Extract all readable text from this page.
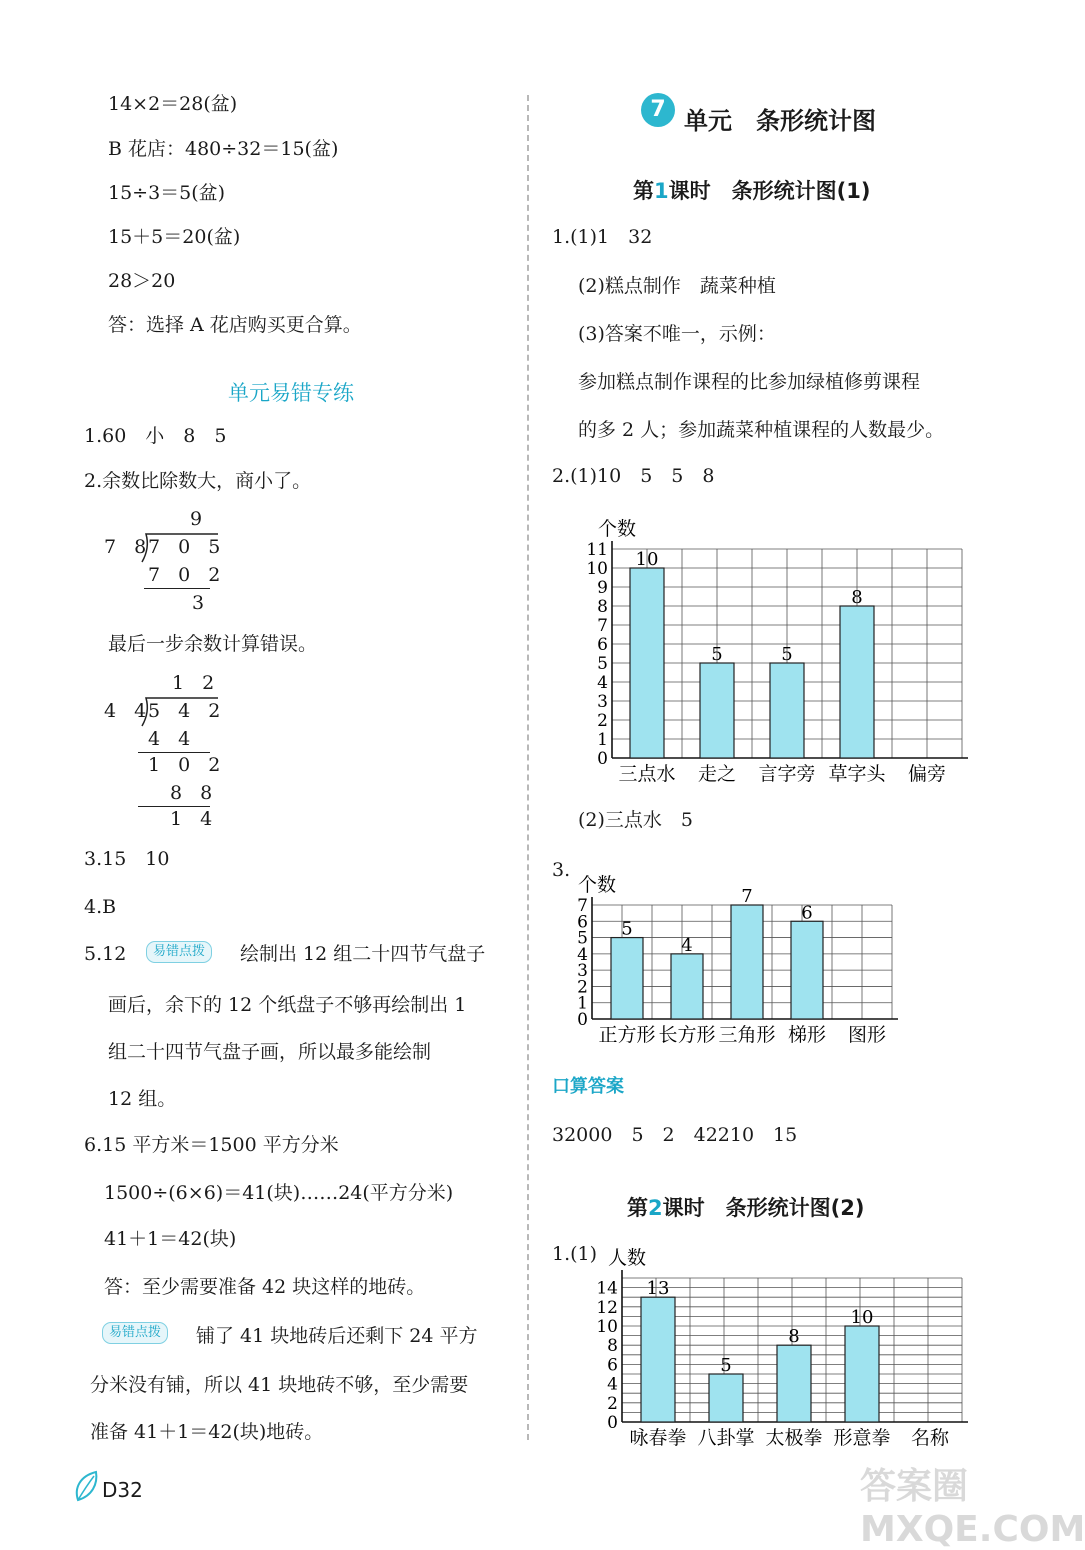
14×2＝28(盆)
B 花店：480÷32＝15(盆)
15÷3＝5(盆)
15＋5＝20(盆)
28＞20
答：选择 A 花店购买更合算。
单元易错专练
1.60　小　8　5
2.余数比除数大，商小了。
9
7 8
7 0 5
7 0 2
3
最后一步余数计算错误。
1 2
4 4
5 4 2
4 4
1 0 2
8 8
1 4
3.15　10
4.B
5.12	易错点拨	绘制出 12 组二十四节气盘子
画后，余下的 12 个纸盘子不够再绘制出 1
组二十四节气盘子画，所以最多能绘制
12 组。
6.15 平方米＝1500 平方分米
1500÷(6×6)＝41(块)……24(平方分米)
41＋1＝42(块)
答：至少需要准备 42 块这样的地砖。
易错点拨	铺了 41 块地砖后还剩下 24 平方
分米没有铺，所以 41 块地砖不够，至少需要
准备 41＋1＝42(块)地砖。
D32
7 单元　条形统计图
第1课时　条形统计图(1)
1.(1)1　32
(2)糕点制作　蔬菜种植
(3)答案不唯一，示例：
参加糕点制作课程的比参加绿植修剪课程
的多 2 人；参加蔬菜种植课程的人数最少。
2.(1)10　5　5　8
个数
0
1
2
3
4
5
6
7
8
9
10
11 10
三点水
5
走之
5
言字旁
8
草字头 偏旁
(2)三点水　5
3.
个数
0
1
2
3
4
5
6
7
5
正方形
4
长方形
7
三角形
6
梯形 图形
口算答案
32000　5　2　42210　15
第2课时　条形统计图(2)
1.(1) 人数
0
2
4
6
8
10
12
14 13
咏春拳
5
八卦掌
8
太极拳
10
形意拳 名称
答案圈 MXQE.COM
